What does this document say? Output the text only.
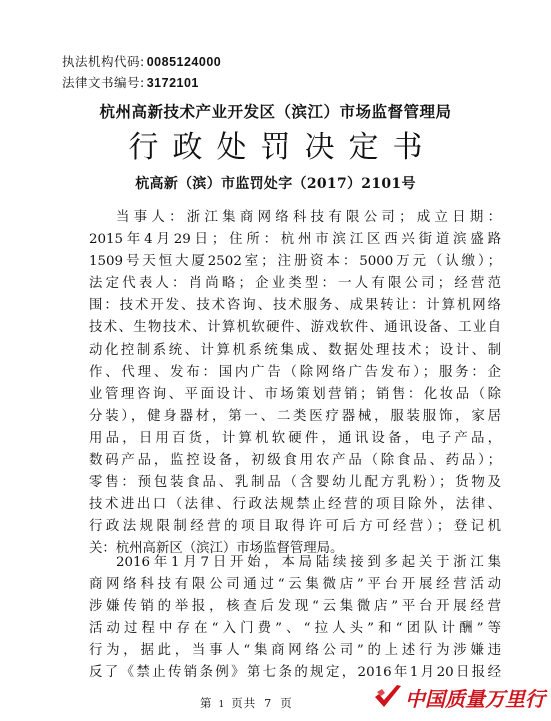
执法机构代码: 0085124000
法律文书编号: 3172101
杭州高新技术产业开发区（滨江）市场监督管理局
行政处罚决定书
杭高新（滨）市监罚处字（2017）2101号
当事人：浙江集商网络科技有限公司；成立日期：
2015年4月29日；住所：杭州市滨江区西兴街道滨盛路
1509号天恒大厦2502室；注册资本：5000万元（认缴）；
法定代表人：肖尚略；企业类型：一人有限公司；经营范
围：技术开发、技术咨询、技术服务、成果转让：计算机网络
技术、生物技术、计算机软硬件、游戏软件、通讯设备、工业自
动化控制系统、计算机系统集成、数据处理技术；设计、制
作、代理、发布：国内广告（除网络广告发布）；服务：企
业管理咨询、平面设计、市场策划营销；销售：化妆品（除
分装），健身器材，第一、二类医疗器械，服装服饰，家居
用品，日用百货，计算机软硬件，通讯设备，电子产品，
数码产品，监控设备，初级食用农产品（除食品、药品）；
零售：预包装食品、乳制品（含婴幼儿配方乳粉）；货物及
技术进出口（法律、行政法规禁止经营的项目除外，法律、
行政法规限制经营的项目取得许可后方可经营）；登记机
关：杭州高新区（滨江）市场监督管理局。
2016年1月7日开始，本局陆续接到多起关于浙江集
商网络科技有限公司通过“云集微店”平台开展经营活动
涉嫌传销的举报，核查后发现“云集微店”平台开展经营
活动过程中存在“入门费”、“拉人头”和“团队计酬”等
行为，据此，当事人“集商网络公司”的上述行为涉嫌违
反了《禁止传销条例》第七条的规定，2016年1月20日报经
第 1 页共 7 页	中国质量万里行
